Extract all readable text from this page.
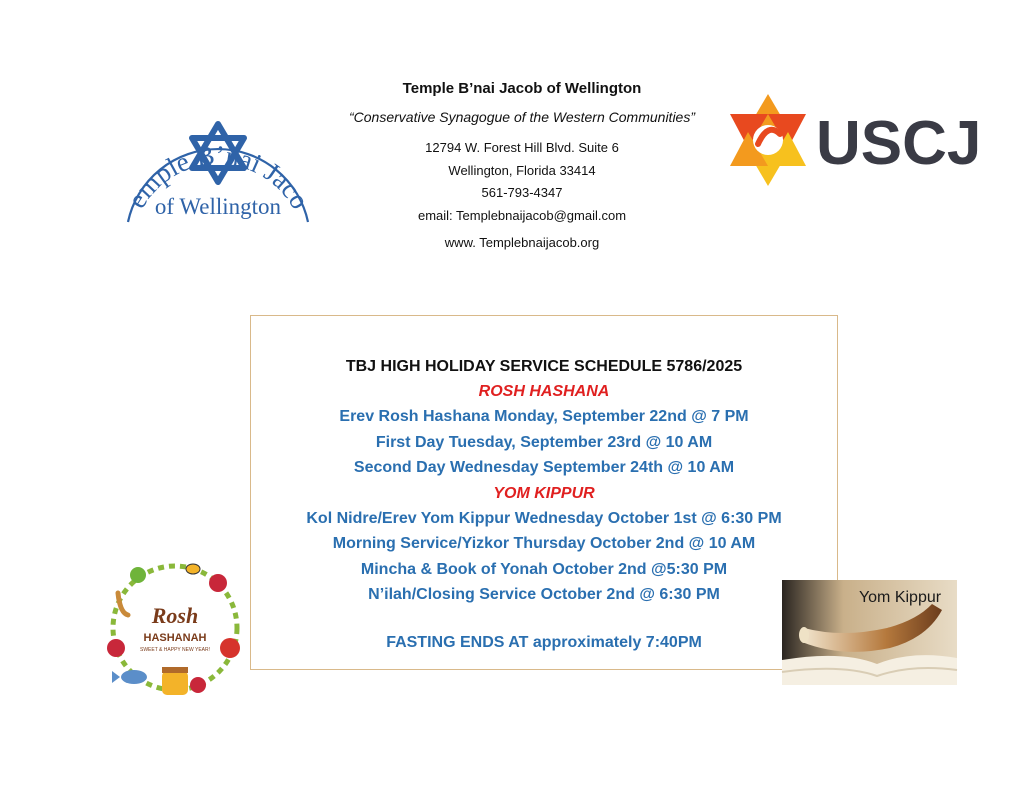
emple B’nai Jaco
of Wellington
Temple B’nai Jacob of Wellington
“Conservative Synagogue of the Western Communities”
12794 W. Forest Hill Blvd. Suite 6
Wellington, Florida 33414
561-793-4347
email: Templebnaijacob@gmail.com
www. Templebnaijacob.org
USCJ
TBJ HIGH HOLIDAY SERVICE SCHEDULE 5786/2025
ROSH HASHANA
Erev Rosh Hashana Monday, September 22nd @ 7 PM
First Day Tuesday, September 23rd @ 10 AM
Second Day Wednesday September 24th @ 10 AM
YOM KIPPUR
Kol Nidre/Erev Yom Kippur Wednesday October 1st @ 6:30 PM
Morning Service/Yizkor Thursday October 2nd @ 10 AM
Mincha & Book of Yonah October 2nd @5:30 PM
N’ilah/Closing Service October 2nd @ 6:30 PM
FASTING ENDS AT approximately 7:40PM
Rosh
HASHANAH
SWEET & HAPPY NEW YEAR!
Yom Kippur
